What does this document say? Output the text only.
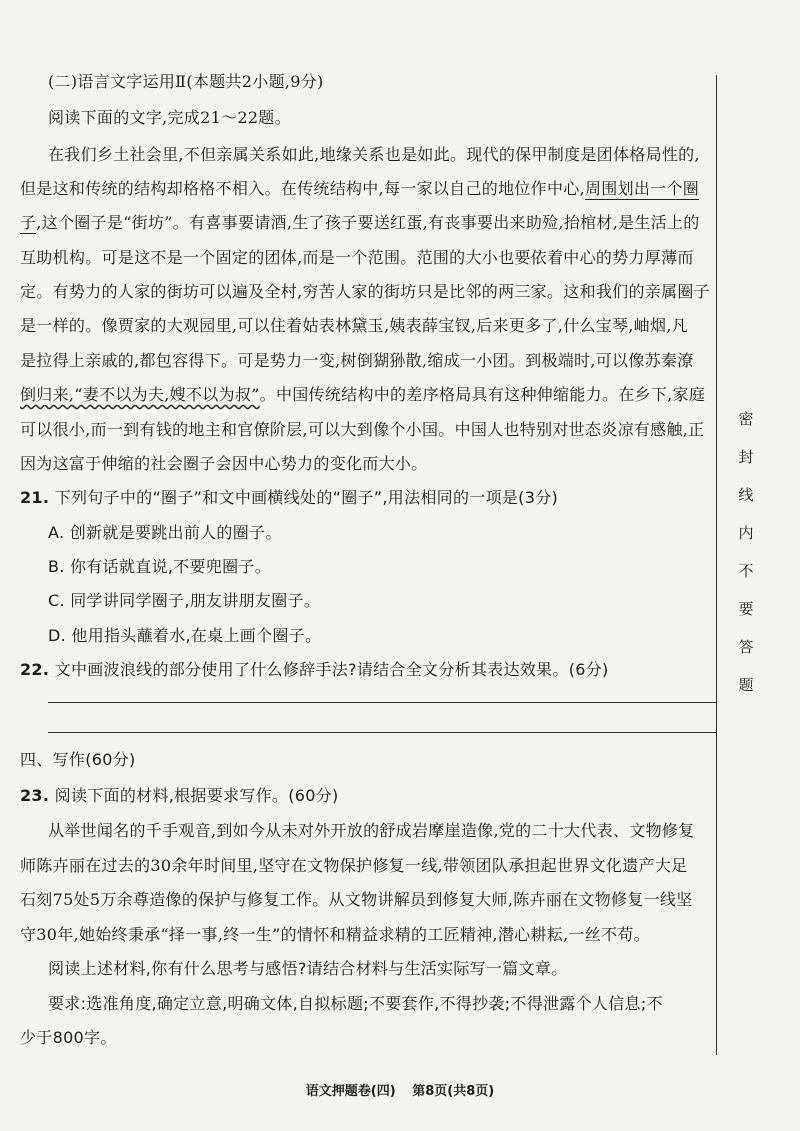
(二)语言文字运用Ⅱ(本题共2小题,9分)
阅读下面的文字,完成21～22题。
在我们乡土社会里,不但亲属关系如此,地缘关系也是如此。现代的保甲制度是团体格局性的,
但是这和传统的结构却格格不相入。在传统结构中,每一家以自己的地位作中心,周围划出一个圈
子,这个圈子是“街坊”。有喜事要请酒,生了孩子要送红蛋,有丧事要出来助殓,抬棺材,是生活上的
互助机构。可是这不是一个固定的团体,而是一个范围。范围的大小也要依着中心的势力厚薄而
定。有势力的人家的街坊可以遍及全村,穷苦人家的街坊只是比邻的两三家。这和我们的亲属圈子
是一样的。像贾家的大观园里,可以住着姑表林黛玉,姨表薛宝钗,后来更多了,什么宝琴,岫烟,凡
是拉得上亲戚的,都包容得下。可是势力一变,树倒猢狲散,缩成一小团。到极端时,可以像苏秦潦
倒归来,“妻不以为夫,嫂不以为叔”。中国传统结构中的差序格局具有这种伸缩能力。在乡下,家庭
可以很小,而一到有钱的地主和官僚阶层,可以大到像个小国。中国人也特别对世态炎凉有感触,正
因为这富于伸缩的社会圈子会因中心势力的变化而大小。
21. 下列句子中的“圈子”和文中画横线处的“圈子”,用法相同的一项是(3分)
A. 创新就是要跳出前人的圈子。
B. 你有话就直说,不要兜圈子。
C. 同学讲同学圈子,朋友讲朋友圈子。
D. 他用指头蘸着水,在桌上画个圈子。
22. 文中画波浪线的部分使用了什么修辞手法?请结合全文分析其表达效果。(6分)
四、写作(60分)
23. 阅读下面的材料,根据要求写作。(60分)
从举世闻名的千手观音,到如今从未对外开放的舒成岩摩崖造像,党的二十大代表、文物修复
师陈卉丽在过去的30余年时间里,坚守在文物保护修复一线,带领团队承担起世界文化遗产大足
石刻75处5万余尊造像的保护与修复工作。从文物讲解员到修复大师,陈卉丽在文物修复一线坚
守30年,她始终秉承“择一事,终一生”的情怀和精益求精的工匠精神,潜心耕耘,一丝不苟。
阅读上述材料,你有什么思考与感悟?请结合材料与生活实际写一篇文章。
要求:选准角度,确定立意,明确文体,自拟标题;不要套作,不得抄袭;不得泄露个人信息;不
少于800字。
密
封
线
内
不
要
答
题
语文押题卷(四) 第8页(共8页)
